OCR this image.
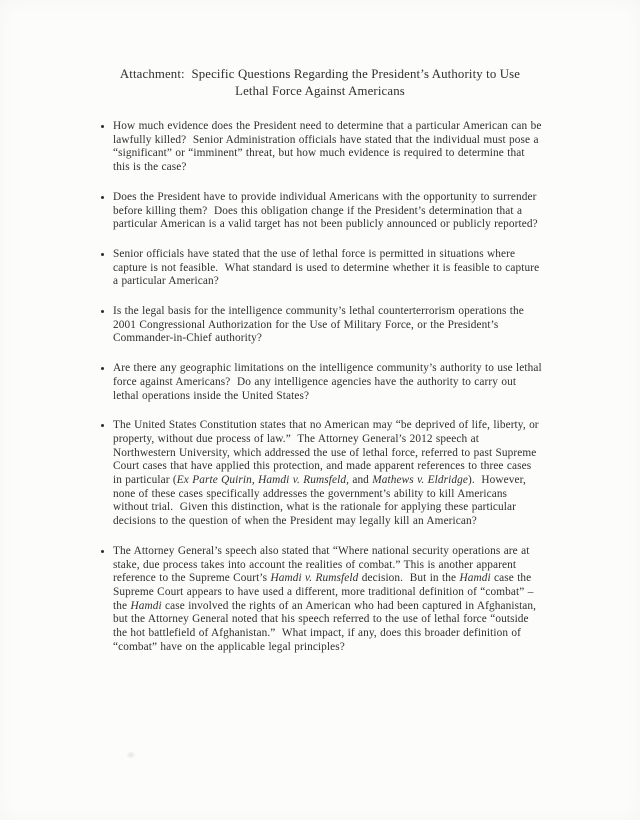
Attachment:  Specific Questions Regarding the President’s Authority to Use
Lethal Force Against Americans
• How much evidence does the President need to determine that a particular American can be lawfully killed?  Senior Administration officials have stated that the individual must pose a “significant” or “imminent” threat, but how much evidence is required to determine that this is the case?
• Does the President have to provide individual Americans with the opportunity to surrender before killing them?  Does this obligation change if the President’s determination that a particular American is a valid target has not been publicly announced or publicly reported?
• Senior officials have stated that the use of lethal force is permitted in situations where capture is not feasible.  What standard is used to determine whether it is feasible to capture a particular American?
• Is the legal basis for the intelligence community’s lethal counterterrorism operations the 2001 Congressional Authorization for the Use of Military Force, or the President’s Commander-in-Chief authority?
• Are there any geographic limitations on the intelligence community’s authority to use lethal force against Americans?  Do any intelligence agencies have the authority to carry out lethal operations inside the United States?
• The United States Constitution states that no American may “be deprived of life, liberty, or property, without due process of law.”  The Attorney General’s 2012 speech at Northwestern University, which addressed the use of lethal force, referred to past Supreme Court cases that have applied this protection, and made apparent references to three cases in particular (Ex Parte Quirin, Hamdi v. Rumsfeld, and Mathews v. Eldridge).  However, none of these cases specifically addresses the government’s ability to kill Americans without trial.  Given this distinction, what is the rationale for applying these particular decisions to the question of when the President may legally kill an American?
• The Attorney General’s speech also stated that “Where national security operations are at stake, due process takes into account the realities of combat.” This is another apparent reference to the Supreme Court’s Hamdi v. Rumsfeld decision.  But in the Hamdi case the Supreme Court appears to have used a different, more traditional definition of “combat” – the Hamdi case involved the rights of an American who had been captured in Afghanistan, but the Attorney General noted that his speech referred to the use of lethal force “outside the hot battlefield of Afghanistan.”  What impact, if any, does this broader definition of “combat” have on the applicable legal principles?
